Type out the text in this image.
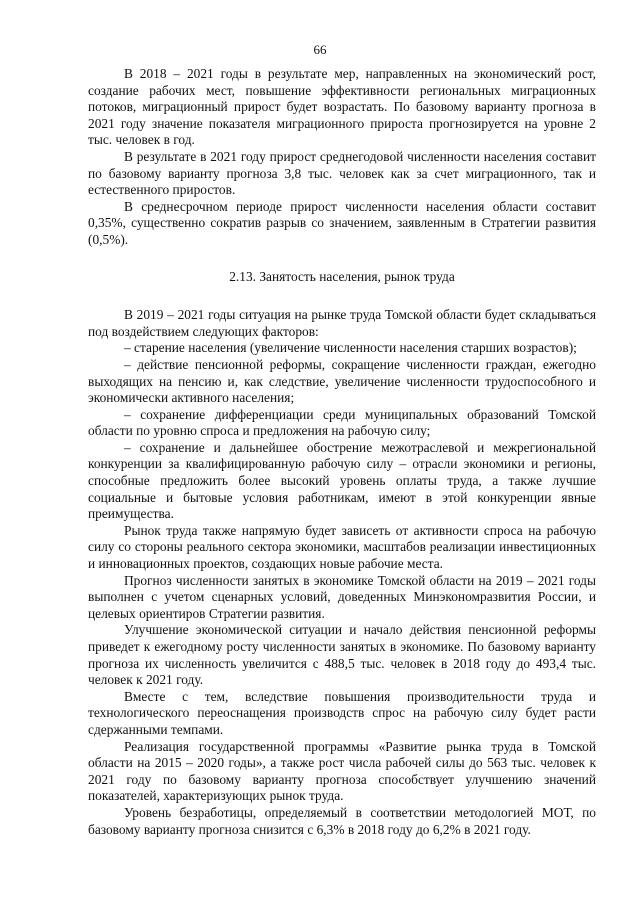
66

В 2018 – 2021 годы в результате мер, направленных на экономический рост, создание рабочих мест, повышение эффективности региональных миграционных потоков, миграционный прирост будет возрастать. По базовому варианту прогноза в 2021 году значение показателя миграционного прироста прогнозируется на уровне 2 тыс. человек в год.

В результате в 2021 году прирост среднегодовой численности населения составит по базовому варианту прогноза 3,8 тыс. человек как за счет миграционного, так и естественного приростов.

В среднесрочном периоде прирост численности населения области составит 0,35%, существенно сократив разрыв со значением, заявленным в Стратегии развития (0,5%).

2.13. Занятость населения, рынок труда

В 2019 – 2021 годы ситуация на рынке труда Томской области будет складываться под воздействием следующих факторов:

– старение населения (увеличение численности населения старших возрастов);

– действие пенсионной реформы, сокращение численности граждан, ежегодно выходящих на пенсию и, как следствие, увеличение численности трудоспособного и экономически активного населения;

– сохранение дифференциации среди муниципальных образований Томской области по уровню спроса и предложения на рабочую силу;

– сохранение и дальнейшее обострение межотраслевой и межрегиональной конкуренции за квалифицированную рабочую силу – отрасли экономики и регионы, способные предложить более высокий уровень оплаты труда, а также лучшие социальные и бытовые условия работникам, имеют в этой конкуренции явные преимущества.

Рынок труда также напрямую будет зависеть от активности спроса на рабочую силу со стороны реального сектора экономики, масштабов реализации инвестиционных и инновационных проектов, создающих новые рабочие места.

Прогноз численности занятых в экономике Томской области на 2019 – 2021 годы выполнен с учетом сценарных условий, доведенных Минэкономразвития России, и целевых ориентиров Стратегии развития.

Улучшение экономической ситуации и начало действия пенсионной реформы приведет к ежегодному росту численности занятых в экономике. По базовому варианту прогноза их численность увеличится с 488,5 тыс. человек в 2018 году до 493,4 тыс. человек к 2021 году.

Вместе с тем, вследствие повышения производительности труда и технологического переоснащения производств спрос на рабочую силу будет расти сдержанными темпами.

Реализация государственной программы «Развитие рынка труда в Томской области на 2015 – 2020 годы», а также рост числа рабочей силы до 563 тыс. человек к 2021 году по базовому варианту прогноза способствует улучшению значений показателей, характеризующих рынок труда.

Уровень безработицы, определяемый в соответствии методологией МОТ, по базовому варианту прогноза снизится с 6,3% в 2018 году до 6,2% в 2021 году.
